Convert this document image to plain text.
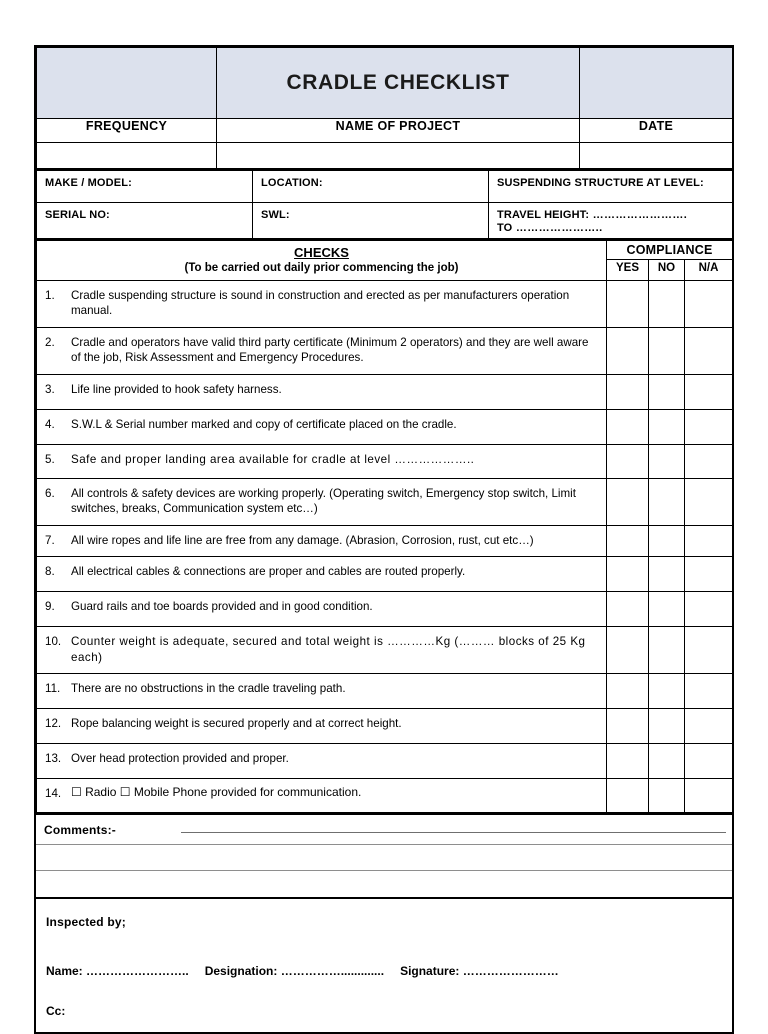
	CRADLE CHECKLIST	
FREQUENCY	NAME OF PROJECT	DATE

MAKE / MODEL:	LOCATION:	SUSPENDING STRUCTURE AT LEVEL:
SERIAL NO:	SWL:	TRAVEL HEIGHT: …………………….
TO …………………..
CHECKS
(To be carried out daily prior commencing the job)	COMPLIANCE		
	YES	NO	N/A

1. Cradle suspending structure is sound in construction and erected as per manufacturers operation manual.			

2. Cradle and operators have valid third party certificate (Minimum 2 operators) and they are well aware of the job, Risk Assessment and Emergency Procedures.			

3. Life line provided to hook safety harness.			

4. S.W.L & Serial number marked and copy of certificate placed on the cradle.			

5. Safe and proper landing area available for cradle at level ………………..			

6. All controls & safety devices are working properly. (Operating switch, Emergency stop switch, Limit switches, breaks, Communication system etc…)			

7. All wire ropes and life line are free from any damage. (Abrasion, Corrosion, rust, cut etc…)			

8. All electrical cables & connections are proper and cables are routed properly.			

9. Guard rails and toe boards provided and in good condition.			

10. Counter weight is adequate, secured and total weight is …………Kg (……… blocks of 25 Kg each)			

11. There are no obstructions in the cradle traveling path.			

12. Rope balancing weight is secured properly and at correct height.			

13. Over head protection provided and proper.			

14. ☐ Radio ☐ Mobile Phone provided for communication.			

Comments:-
Inspected by;
Name: …………………….. Designation: ……………............. Signature: ……………………
Cc:
